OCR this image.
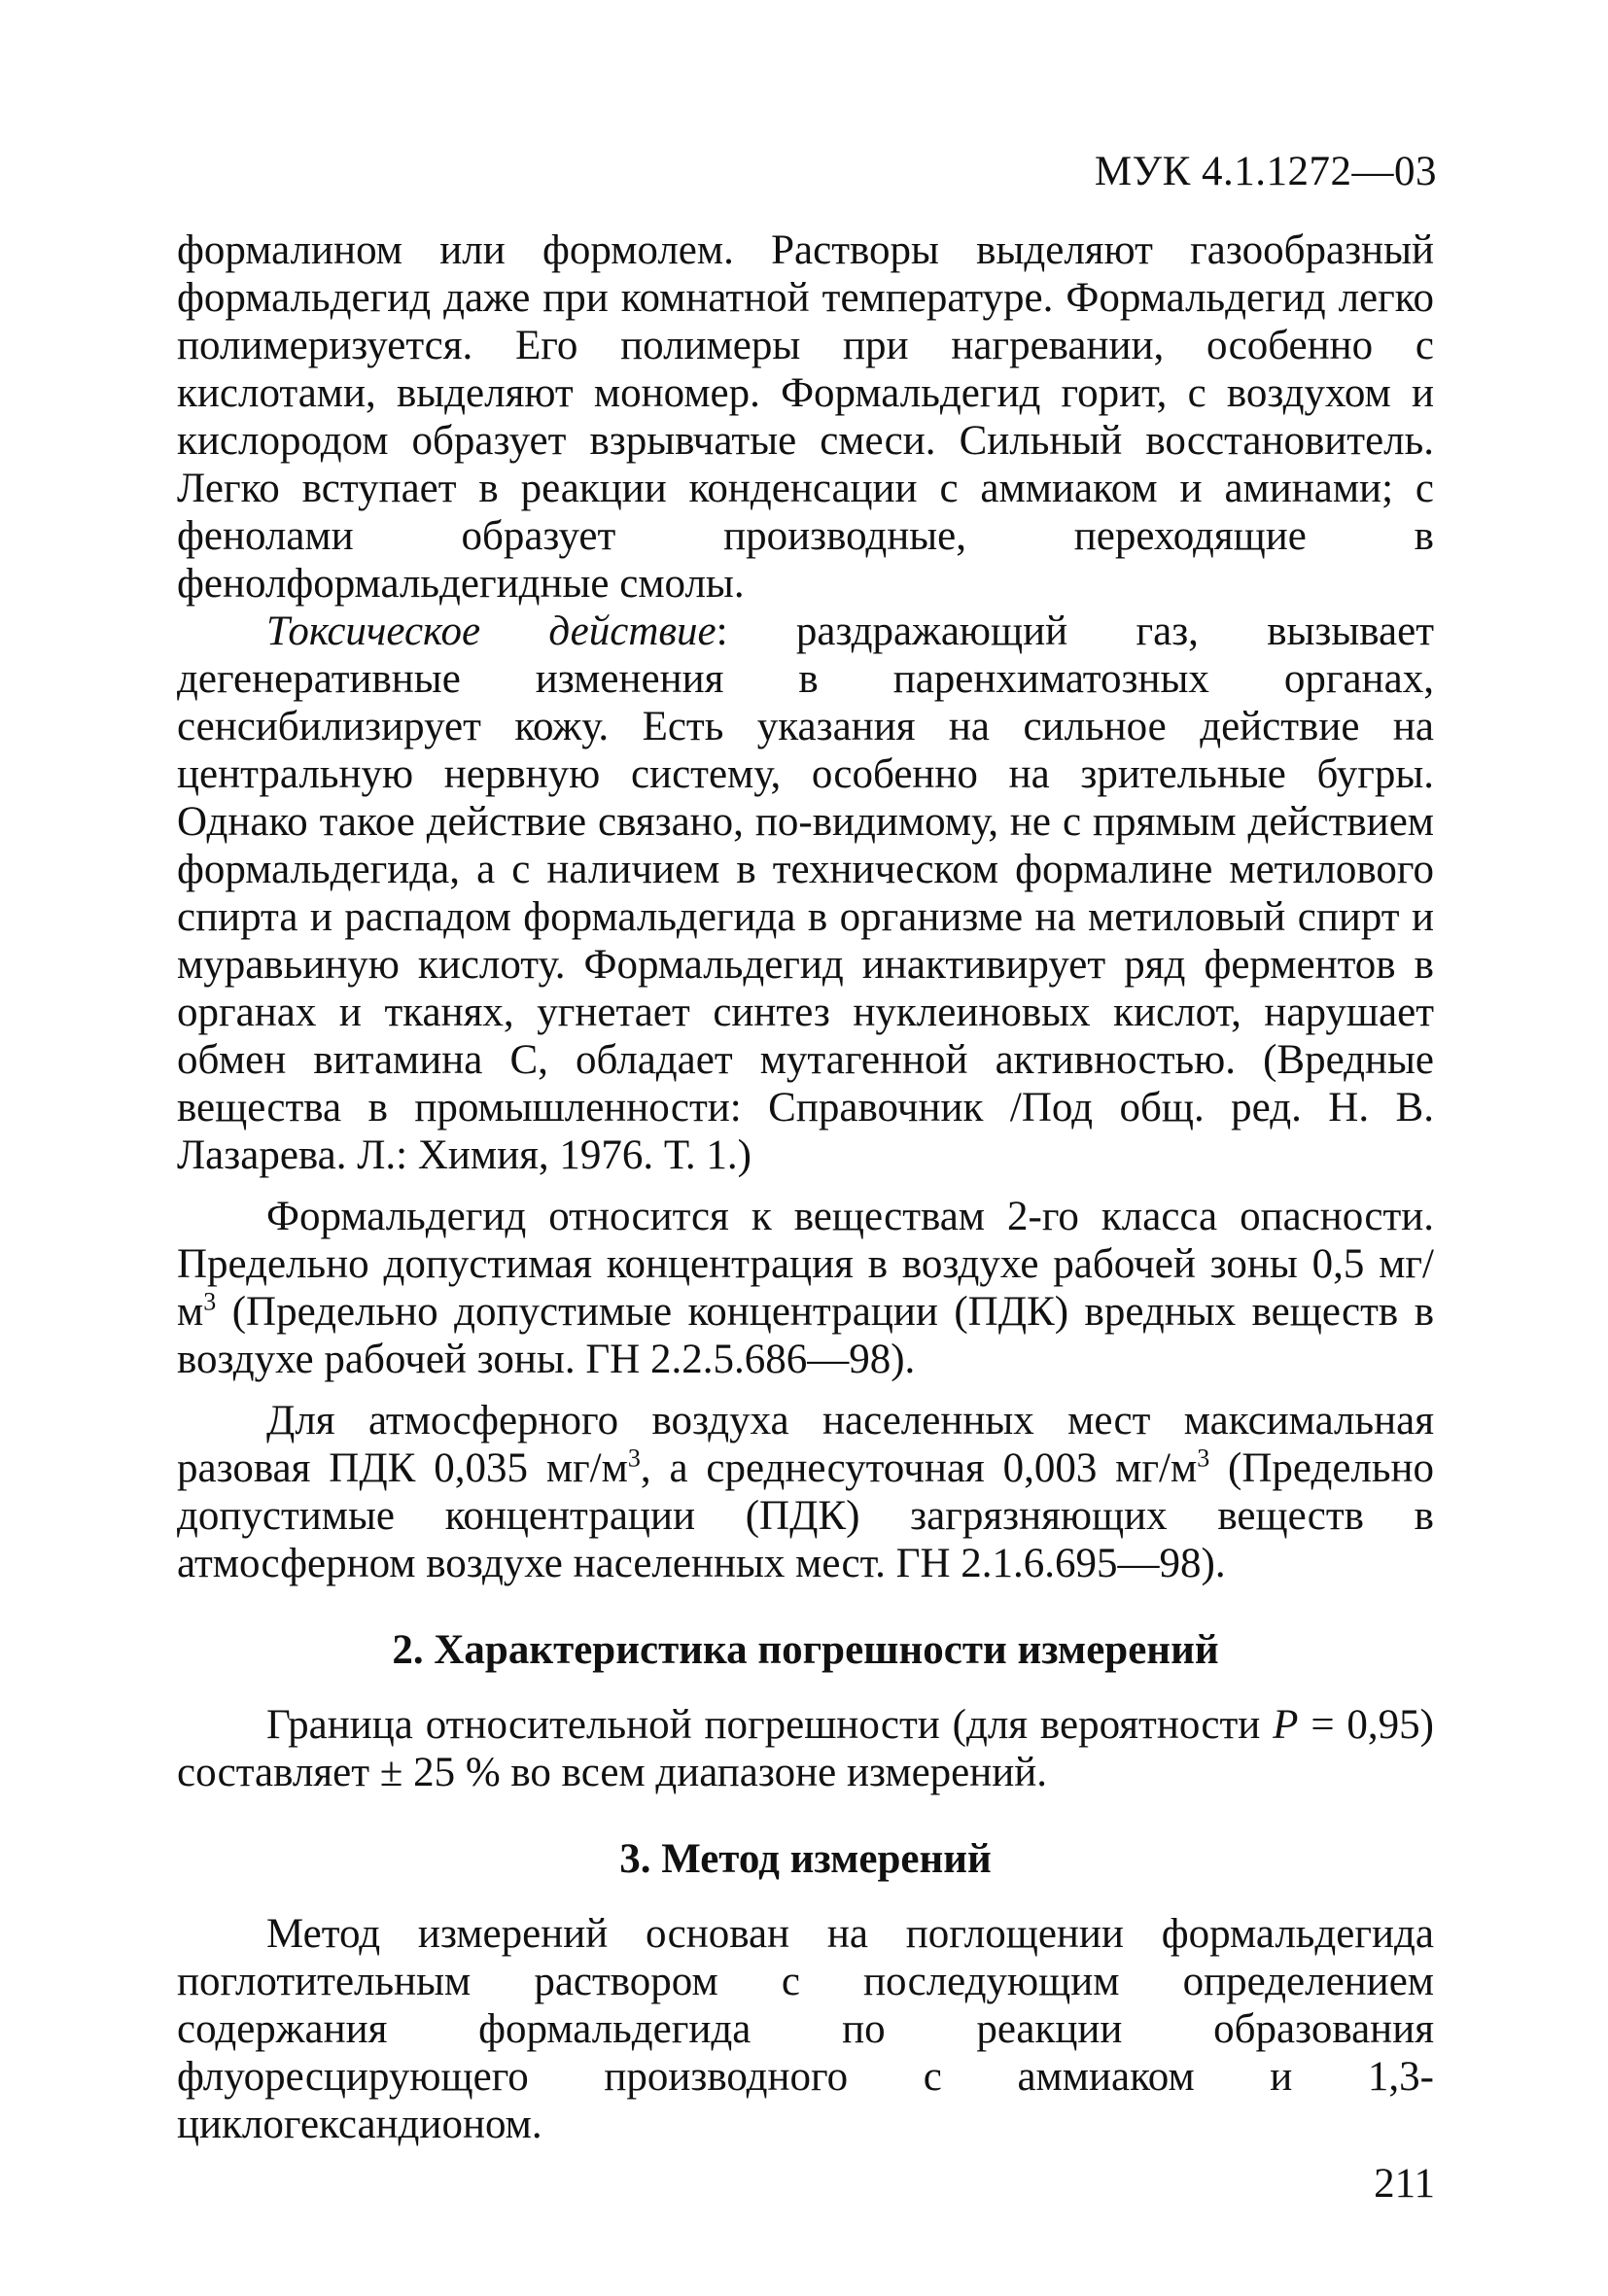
МУК 4.1.1272—03

формалином или формолем. Растворы выделяют газообразный формальдегид даже при комнатной температуре. Формальдегид легко полимеризуется. Его полимеры при нагревании, особенно с кислотами, выделяют мономер. Формальдегид горит, с воздухом и кислородом образует взрывчатые смеси. Сильный восстановитель. Легко вступает в реакции конденсации с аммиаком и аминами; с фенолами образует производные, переходящие в фенолформальдегидные смолы.

Токсическое действие: раздражающий газ, вызывает дегенеративные изменения в паренхиматозных органах, сенсибилизирует кожу. Есть указания на сильное действие на центральную нервную систему, особенно на зрительные бугры. Однако такое действие связано, по-видимому, не с прямым действием формальдегида, а с наличием в техническом формалине метилового спирта и распадом формальдегида в организме на метиловый спирт и муравьиную кислоту. Формальдегид инактивирует ряд ферментов в органах и тканях, угнетает синтез нуклеиновых кислот, нарушает обмен витамина С, обладает мутагенной активностью. (Вредные вещества в промышленности: Справочник /Под общ. ред. Н. В. Лазарева. Л.: Химия, 1976. Т. 1.)

Формальдегид относится к веществам 2-го класса опасности. Предельно допустимая концентрация в воздухе рабочей зоны 0,5 $мг/м^3$ (Предельно допустимые концентрации (ПДК) вредных веществ в воздухе рабочей зоны. ГН 2.2.5.686—98).

Для атмосферного воздуха населенных мест максимальная разовая ПДК 0,035 $мг/м^3$, а среднесуточная 0,003 $мг/м^3$ (Предельно допустимые концентрации (ПДК) загрязняющих веществ в атмосферном воздухе населенных мест. ГН 2.1.6.695—98).

2. Характеристика погрешности измерений

Граница относительной погрешности (для вероятности P = 0,95) составляет ± 25 % во всем диапазоне измерений.

3. Метод измерений

Метод измерений основан на поглощении формальдегида поглотительным раствором с последующим определением содержания формальдегида по реакции образования флуоресцирующего производного с аммиаком и 1,3-циклогександионом.

211
